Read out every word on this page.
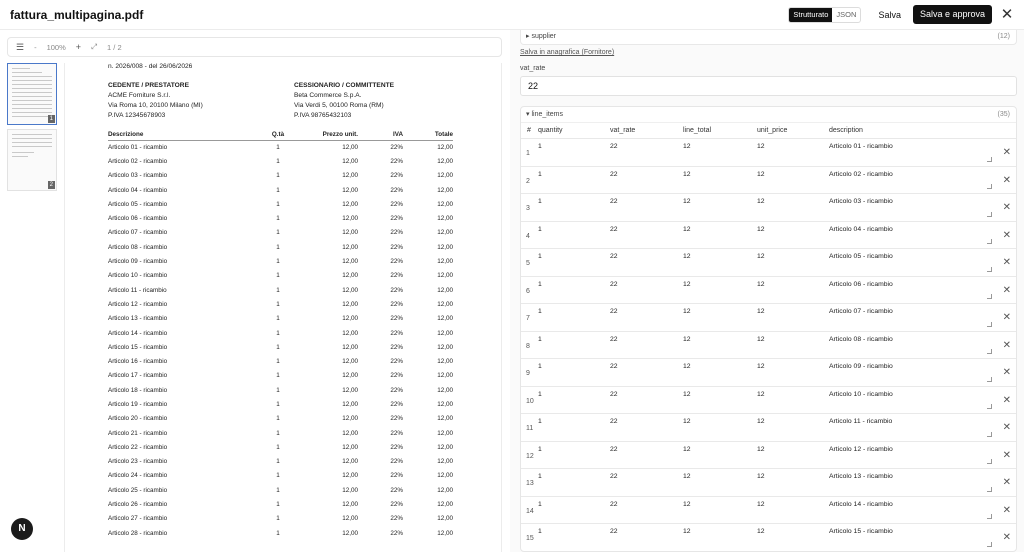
fattura_multipagina.pdf	Strutturato	JSON	Salva	Salva e approva	✕
☰ - 100% + ⤢ 1 / 2
1
2
n. 2026/008 - del 26/06/2026
CEDENTE / PRESTATORE
ACME Forniture S.r.l.
Via Roma 10, 20100 Milano (MI)
P.IVA 12345678903
CESSIONARIO / COMMITTENTE
Beta Commerce S.p.A.
Via Verdi 5, 00100 Roma (RM)
P.IVA 98765432103
Descrizione	Q.tà	Prezzo unit.	IVA	Totale
Articolo 01 - ricambio	1	12,00	22%	12,00
Articolo 02 - ricambio	1	12,00	22%	12,00
Articolo 03 - ricambio	1	12,00	22%	12,00
Articolo 04 - ricambio	1	12,00	22%	12,00
Articolo 05 - ricambio	1	12,00	22%	12,00
Articolo 06 - ricambio	1	12,00	22%	12,00
Articolo 07 - ricambio	1	12,00	22%	12,00
Articolo 08 - ricambio	1	12,00	22%	12,00
Articolo 09 - ricambio	1	12,00	22%	12,00
Articolo 10 - ricambio	1	12,00	22%	12,00
Articolo 11 - ricambio	1	12,00	22%	12,00
Articolo 12 - ricambio	1	12,00	22%	12,00
Articolo 13 - ricambio	1	12,00	22%	12,00
Articolo 14 - ricambio	1	12,00	22%	12,00
Articolo 15 - ricambio	1	12,00	22%	12,00
Articolo 16 - ricambio	1	12,00	22%	12,00
Articolo 17 - ricambio	1	12,00	22%	12,00
Articolo 18 - ricambio	1	12,00	22%	12,00
Articolo 19 - ricambio	1	12,00	22%	12,00
Articolo 20 - ricambio	1	12,00	22%	12,00
Articolo 21 - ricambio	1	12,00	22%	12,00
Articolo 22 - ricambio	1	12,00	22%	12,00
Articolo 23 - ricambio	1	12,00	22%	12,00
Articolo 24 - ricambio	1	12,00	22%	12,00
Articolo 25 - ricambio	1	12,00	22%	12,00
Articolo 26 - ricambio	1	12,00	22%	12,00
Articolo 27 - ricambio	1	12,00	22%	12,00
Articolo 28 - ricambio	1	12,00	22%	12,00
N
▸ supplier	(12)
Salva in anagrafica (Fornitore)
vat_rate
22
▾ line_items	(35)
# quantity	vat_rate	line_total	unit_price	description
1
1	22	12	12	Articolo 01 - ricambio
✕
2
1	22	12	12	Articolo 02 - ricambio
✕
3
1	22	12	12	Articolo 03 - ricambio
✕
4
1	22	12	12	Articolo 04 - ricambio
✕
5
1	22	12	12	Articolo 05 - ricambio
✕
6
1	22	12	12	Articolo 06 - ricambio
✕
7
1	22	12	12	Articolo 07 - ricambio
✕
8
1	22	12	12	Articolo 08 - ricambio
✕
9
1	22	12	12	Articolo 09 - ricambio
✕
10
1	22	12	12	Articolo 10 - ricambio
✕
11
1	22	12	12	Articolo 11 - ricambio
✕
12
1	22	12	12	Articolo 12 - ricambio
✕
13
1	22	12	12	Articolo 13 - ricambio
✕
14
1	22	12	12	Articolo 14 - ricambio
✕
15
1	22	12	12	Articolo 15 - ricambio
✕
